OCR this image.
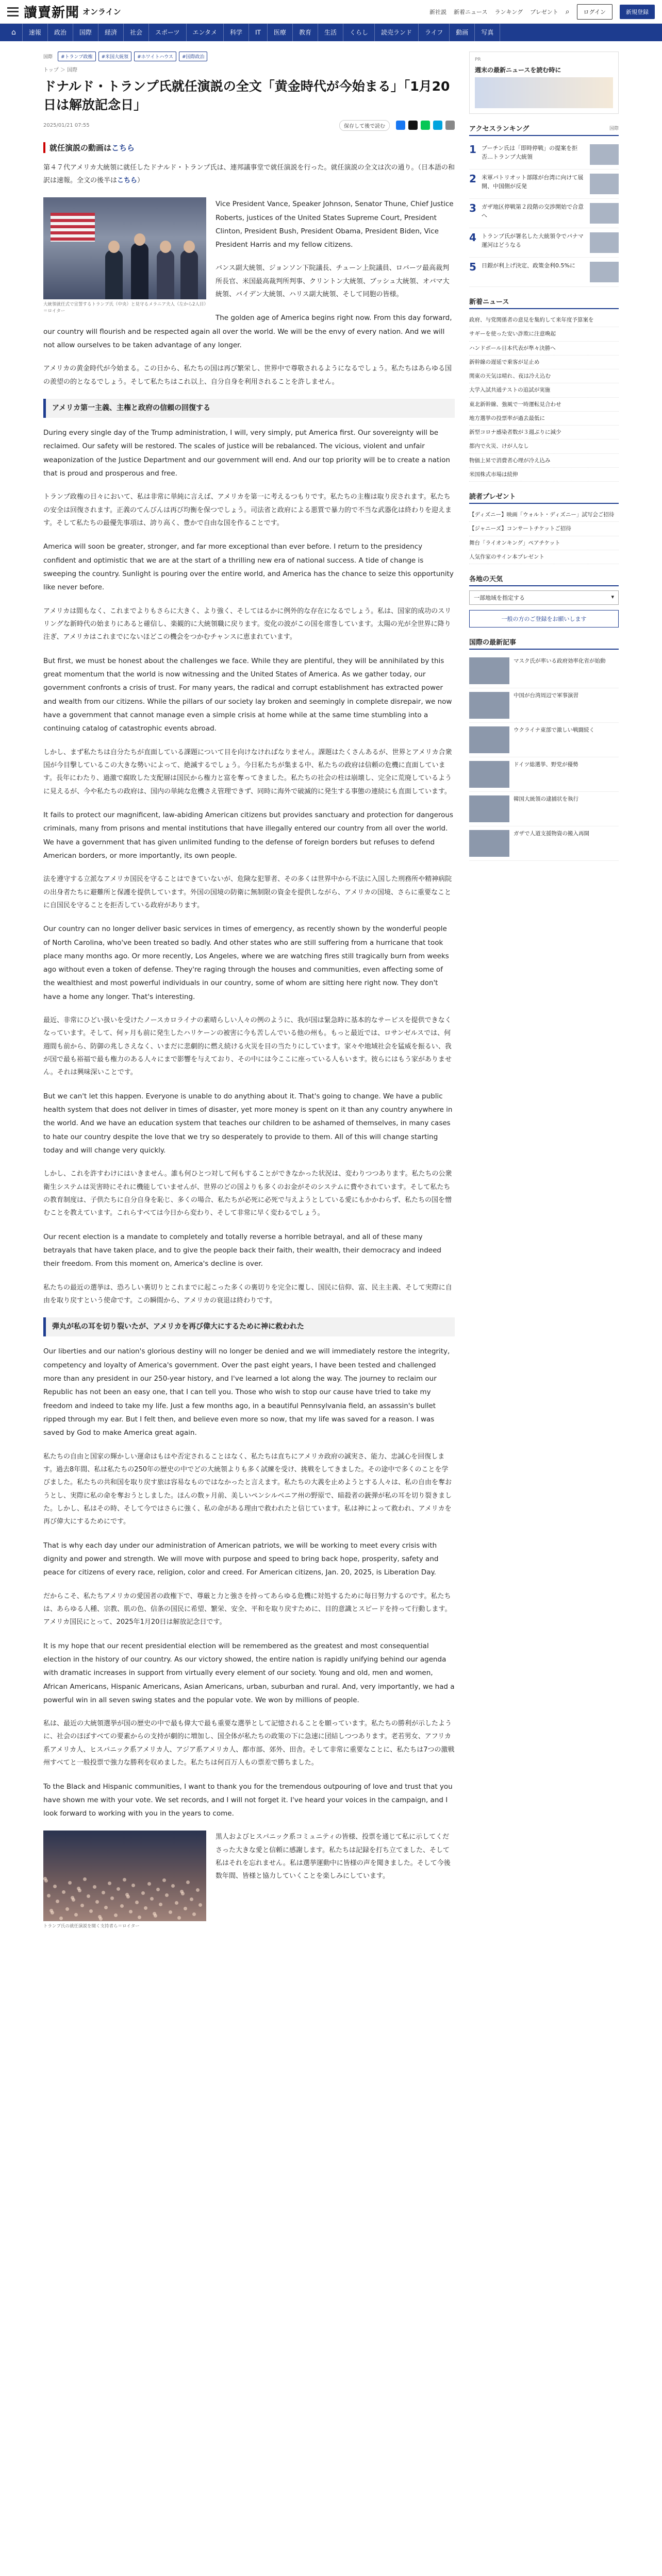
讀賣新聞 オンライン	新社説 新着ニュース ランキング プレゼント ⌕	ログイン	新規登録
⌂	速報	政治	国際	経済	社会	スポーツ	エンタメ	科学	IT	医療	教育	生活	くらし	読売ランド	ライフ	動画	写真
国際	#トランプ政権	#米国大統領	#ホワイトハウス	#国際政治
トップ ＞ 国際
ドナルド・トランプ氏就任演説の全文「黄金時代が今始まる」「1月20日は解放記念日」
2025/01/21 07:55	保存して後で読む
就任演説の動画はこちら

第４７代アメリカ大統領に就任したドナルド・トランプ氏は、連邦議事堂で就任演説を行った。就任演説の全文は次の通り。（日本語の和訳は速報。全文の後半はこちら）

大統領就任式で宣誓するトランプ氏（中央）と見守るメラニア夫人（左から2人目）＝ロイター

Vice President Vance, Speaker Johnson, Senator Thune, Chief Justice Roberts, justices of the United States Supreme Court, President Clinton, President Bush, President Obama, President Biden, Vice President Harris and my fellow citizens.

バンス副大統領、ジョンソン下院議長、チューン上院議員、ロバーツ最高裁判所長官、米国最高裁判所判事、クリントン大統領、ブッシュ大統領、オバマ大統領、バイデン大統領、ハリス副大統領、そして同胞の皆様。

The golden age of America begins right now. From this day forward, our country will flourish and be respected again all over the world. We will be the envy of every nation. And we will not allow ourselves to be taken advantage of any longer.

アメリカの黄金時代が今始まる。この日から、私たちの国は再び繁栄し、世界中で尊敬されるようになるでしょう。私たちはあらゆる国の羨望の的となるでしょう。そして私たちはこれ以上、自分自身を利用されることを許しません。

アメリカ第一主義、主権と政府の信頼の回復する

During every single day of the Trump administration, I will, very simply, put America first. Our sovereignty will be reclaimed. Our safety will be restored. The scales of justice will be rebalanced. The vicious, violent and unfair weaponization of the Justice Department and our government will end. And our top priority will be to create a nation that is proud and prosperous and free.

トランプ政権の日々において、私は非常に単純に言えば、アメリカを第一に考えるつもりです。私たちの主権は取り戻されます。私たちの安全は回復されます。正義のてんびんは再び均衡を保つでしょう。司法省と政府による悪質で暴力的で不当な武器化は終わりを迎えます。そして私たちの最優先事項は、誇り高く、豊かで自由な国を作ることです。

America will soon be greater, stronger, and far more exceptional than ever before. I return to the presidency confident and optimistic that we are at the start of a thrilling new era of national success. A tide of change is sweeping the country. Sunlight is pouring over the entire world, and America has the chance to seize this opportunity like never before.

アメリカは間もなく、これまでよりもさらに大きく、より強く、そしてはるかに例外的な存在になるでしょう。私は、国家的成功のスリリングな新時代の始まりにあると確信し、楽観的に大統領職に戻ります。変化の波がこの国を席巻しています。太陽の光が全世界に降り注ぎ、アメリカはこれまでにないほどこの機会をつかむチャンスに恵まれています。

But first, we must be honest about the challenges we face. While they are plentiful, they will be annihilated by this great momentum that the world is now witnessing and the United States of America. As we gather today, our government confronts a crisis of trust. For many years, the radical and corrupt establishment has extracted power and wealth from our citizens. While the pillars of our society lay broken and seemingly in complete disrepair, we now have a government that cannot manage even a simple crisis at home while at the same time stumbling into a continuing catalog of catastrophic events abroad.

しかし、まず私たちは自分たちが直面している課題について目を向けなければなりません。課題はたくさんあるが、世界とアメリカ合衆国が今目撃しているこの大きな勢いによって、絶滅するでしょう。今日私たちが集まる中、私たちの政府は信頼の危機に直面しています。長年にわたり、過激で腐敗した支配層は国民から権力と富を奪ってきました。私たちの社会の柱は崩壊し、完全に荒廃しているように見えるが、今や私たちの政府は、国内の単純な危機さえ管理できず、同時に海外で破滅的に発生する事態の連続にも直面しています。

It fails to protect our magnificent, law-abiding American citizens but provides sanctuary and protection for dangerous criminals, many from prisons and mental institutions that have illegally entered our country from all over the world. We have a government that has given unlimited funding to the defense of foreign borders but refuses to defend American borders, or more importantly, its own people.

法を遵守する立派なアメリカ国民を守ることはできていないが、危険な犯罪者、その多くは世界中から不法に入国した刑務所や精神病院の出身者たちに避難所と保護を提供しています。外国の国境の防衛に無制限の資金を提供しながら、アメリカの国境、さらに重要なことに自国民を守ることを拒否している政府があります。

Our country can no longer deliver basic services in times of emergency, as recently shown by the wonderful people of North Carolina, who've been treated so badly. And other states who are still suffering from a hurricane that took place many months ago. Or more recently, Los Angeles, where we are watching fires still tragically burn from weeks ago without even a token of defense. They're raging through the houses and communities, even affecting some of the wealthiest and most powerful individuals in our country, some of whom are sitting here right now. They don't have a home any longer. That's interesting.

最近、非常にひどい扱いを受けたノースカロライナの素晴らしい人々の例のように、我が国は緊急時に基本的なサービスを提供できなくなっています。そして、何ヶ月も前に発生したハリケーンの被害に今も苦しんでいる他の州も。もっと最近では、ロサンゼルスでは、何週間も前から、防御の兆しさえなく、いまだに悲劇的に燃え続ける火災を目の当たりにしています。家々や地域社会を猛威を振るい、我が国で最も裕福で最も権力のある人々にまで影響を与えており、その中には今ここに座っている人もいます。彼らにはもう家がありません。それは興味深いことです。

But we can't let this happen. Everyone is unable to do anything about it. That's going to change. We have a public health system that does not deliver in times of disaster, yet more money is spent on it than any country anywhere in the world. And we have an education system that teaches our children to be ashamed of themselves, in many cases to hate our country despite the love that we try so desperately to provide to them. All of this will change starting today and will change very quickly.

しかし、これを許すわけにはいきません。誰も何ひとつ対して何もすることができなかった状況は、変わりつつあります。私たちの公衆衛生システムは災害時にそれに機能していませんが、世界のどの国よりも多くのお金がそのシステムに費やされています。そして私たちの教育制度は、子供たちに自分自身を恥じ、多くの場合、私たちが必死に必死で与えようとしている愛にもかかわらず、私たちの国を憎むことを教えています。これらすべては今日から変わり、そして非常に早く変わるでしょう。

Our recent election is a mandate to completely and totally reverse a horrible betrayal, and all of these many betrayals that have taken place, and to give the people back their faith, their wealth, their democracy and indeed their freedom. From this moment on, America's decline is over.

私たちの最近の選挙は、恐ろしい裏切りとこれまでに起こった多くの裏切りを完全に覆し、国民に信仰、富、民主主義、そして実際に自由を取り戻すという使命です。この瞬間から、アメリカの衰退は終わりです。

弾丸が私の耳を切り裂いたが、アメリカを再び偉大にするために神に救われた

Our liberties and our nation's glorious destiny will no longer be denied and we will immediately restore the integrity, competency and loyalty of America's government. Over the past eight years, I have been tested and challenged more than any president in our 250-year history, and I've learned a lot along the way. The journey to reclaim our Republic has not been an easy one, that I can tell you. Those who wish to stop our cause have tried to take my freedom and indeed to take my life. Just a few months ago, in a beautiful Pennsylvania field, an assassin's bullet ripped through my ear. But I felt then, and believe even more so now, that my life was saved for a reason. I was saved by God to make America great again.

私たちの自由と国家の輝かしい運命はもはや否定されることはなく、私たちは直ちにアメリカ政府の誠実さ、能力、忠誠心を回復します。過去8年間、私は私たちの250年の歴史の中でどの大統領よりも多く試練を受け、挑戦をしてきました。その途中で多くのことを学びました。私たちの共和国を取り戻す旅は容易なものではなかったと言えます。私たちの大義を止めようとする人々は、私の自由を奪おうとし、実際に私の命を奪おうとしました。ほんの数ヶ月前、美しいペンシルベニア州の野原で、暗殺者の銃弾が私の耳を切り裂きました。しかし、私はその時、そして今ではさらに強く、私の命がある理由で救われたと信じています。私は神によって救われ、アメリカを再び偉大にするためにです。

That is why each day under our administration of American patriots, we will be working to meet every crisis with dignity and power and strength. We will move with purpose and speed to bring back hope, prosperity, safety and peace for citizens of every race, religion, color and creed. For American citizens, Jan. 20, 2025, is Liberation Day.

だからこそ、私たちアメリカの愛国者の政権下で、尊厳と力と強さを持ってあらゆる危機に対処するために毎日努力するのです。私たちは、あらゆる人種、宗教、肌の色、信条の国民に希望、繁栄、安全、平和を取り戻すために、目的意識とスピードを持って行動します。アメリカ国民にとって、2025年1月20日は解放記念日です。

It is my hope that our recent presidential election will be remembered as the greatest and most consequential election in the history of our country. As our victory showed, the entire nation is rapidly unifying behind our agenda with dramatic increases in support from virtually every element of our society. Young and old, men and women, African Americans, Hispanic Americans, Asian Americans, urban, suburban and rural. And, very importantly, we had a powerful win in all seven swing states and the popular vote. We won by millions of people.

私は、最近の大統領選挙が国の歴史の中で最も偉大で最も重要な選挙として記憶されることを願っています。私たちの勝利が示したように、社会のほぼすべての要素からの支持が劇的に増加し、国全体が私たちの政策の下に急速に団結しつつあります。老若男女、アフリカ系アメリカ人、ヒスパニック系アメリカ人、アジア系アメリカ人、都市部、郊外、田舎。そして非常に重要なことに、私たちは7つの激戦州すべてと一般投票で強力な勝利を収めました。私たちは何百万人もの票差で勝ちました。

To the Black and Hispanic communities, I want to thank you for the tremendous outpouring of love and trust that you have shown me with your vote. We set records, and I will not forget it. I've heard your voices in the campaign, and I look forward to working with you in the years to come.

トランプ氏の就任演説を聞く支持者ら＝ロイター

黒人およびヒスパニック系コミュニティの皆様、投票を通じて私に示してくださった大きな愛と信頼に感謝します。私たちは記録を打ち立てました、そして私はそれを忘れません。私は選挙運動中に皆様の声を聞きました。そして今後数年間、皆様と協力していくことを楽しみにしています。

PR
週末の最新ニュースを読む時に
アクセスランキング	国際
1 ブーチン氏は「即時停戦」の提案を拒否…トランプ大統領
2 米軍パトリオット部隊が台湾に向けて展開、中国側が反発
3 ガザ地区停戦第２段階の交渉開始で合意へ
4 トランプ氏が署名した大統領令でパナマ運河はどうなる
5 日銀が利上げ決定、政策金利0.5%に
新着ニュース
政府、与党関係者の意見を集約して来年度予算案を
サギーを使った安い詐欺に注意喚起
ハンドボール日本代表が準々決勝へ
新幹線の遅延で乗客が足止め
関東の天気は晴れ、夜は冷え込む
大学入試共通テストの追試が実施
東北新幹線、強風で一時運転見合わせ
地方選挙の投票率が過去最低に
新型コロナ感染者数が３週ぶりに減少
都内で火災、けが人なし
物価上昇で消費者心理が冷え込み
米国株式市場は続伸
読者プレゼント
【ディズニー】映画「ウォルト・ディズニー」試写会ご招待
【ジャニーズ】コンサートチケットご招待
舞台「ライオンキング」ペアチケット
人気作家のサイン本プレゼント
各地の天気
一部地域を指定する	▾
一般の方のご登録をお願いします
国際の最新記事
マスク氏が率いる政府効率化省が始動
中国が台湾周辺で軍事演習
ウクライナ東部で激しい戦闘続く
ドイツ総選挙、野党が優勢
韓国大統領の逮捕状を執行
ガザで人道支援物資の搬入再開
